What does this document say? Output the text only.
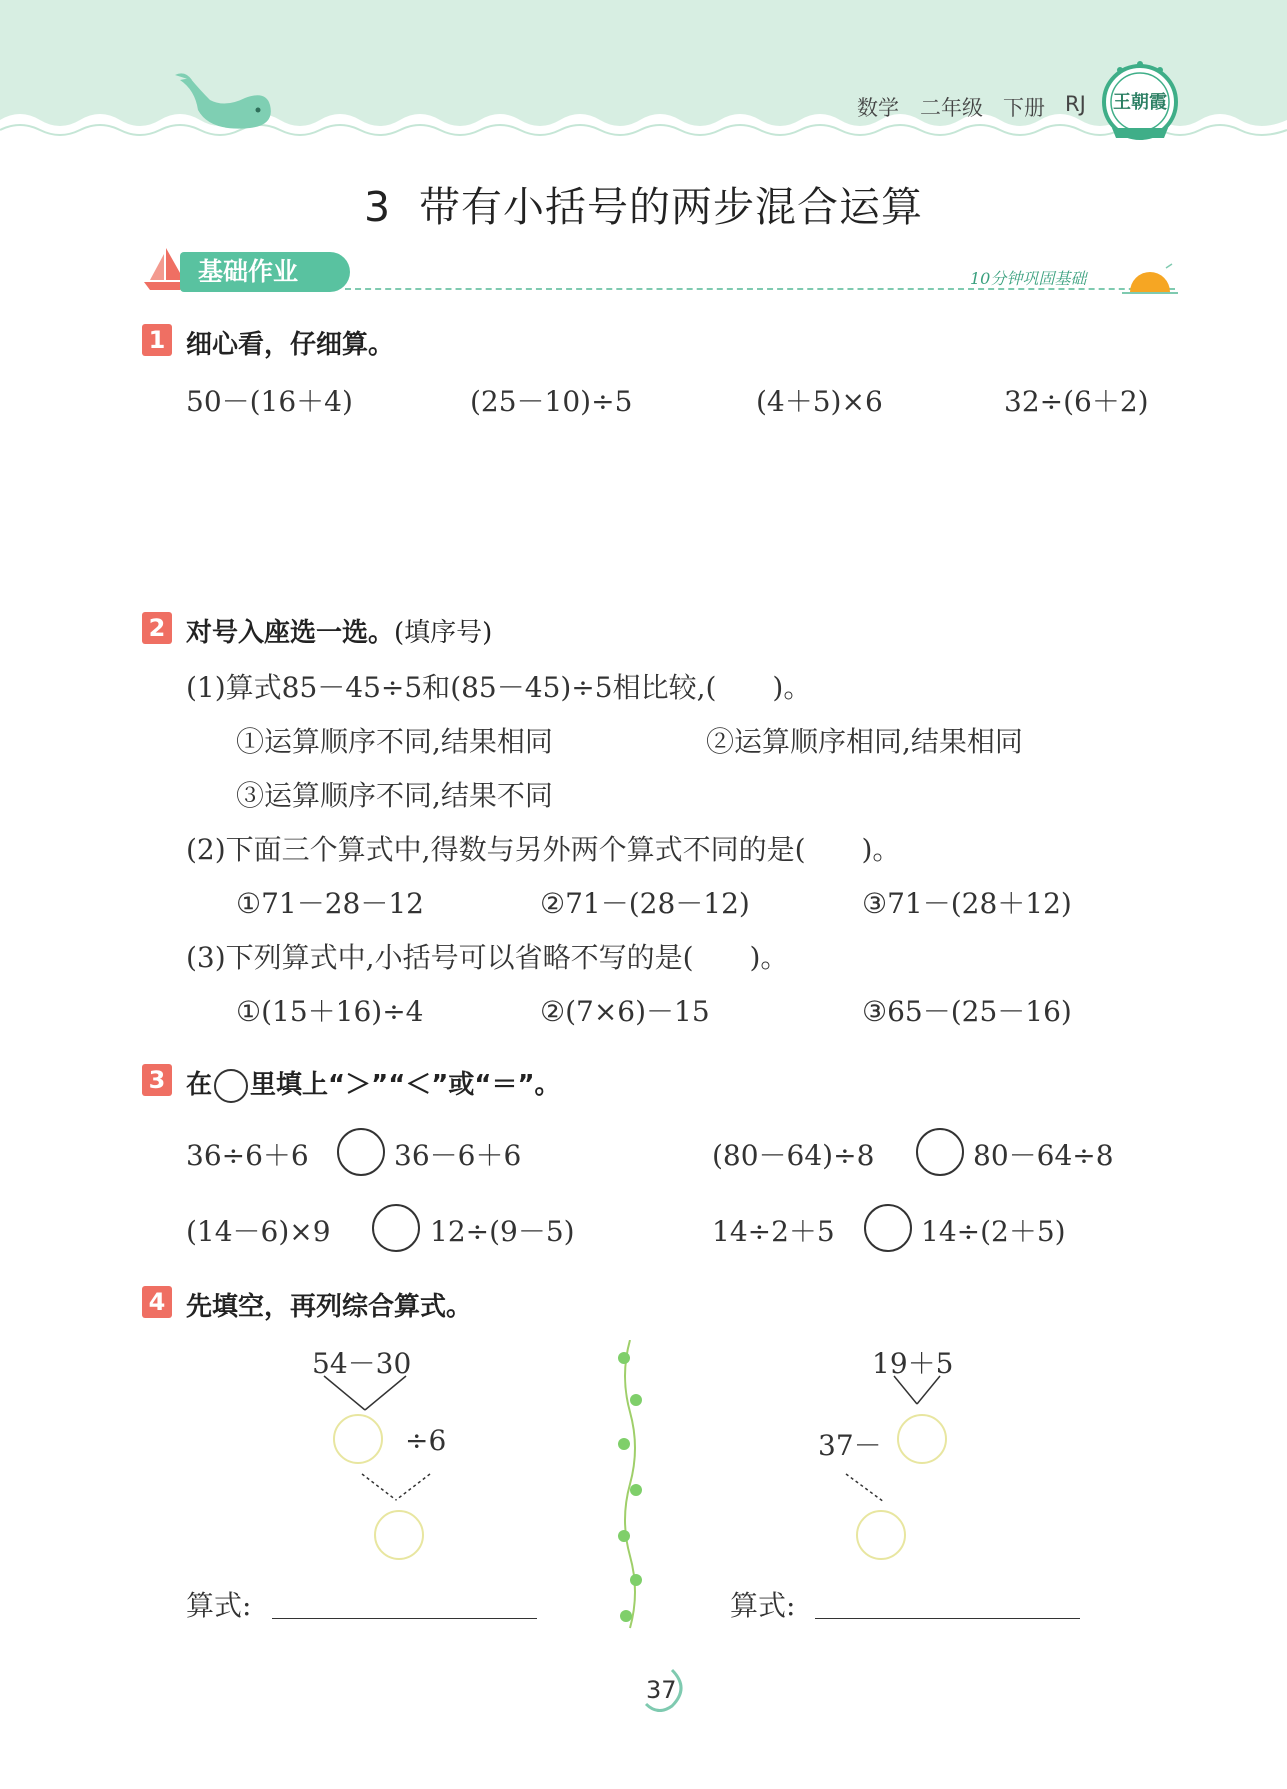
数学 二年级 下册 RJ 王朝霞
3 带有小括号的两步混合运算
基础作业	10分钟巩固基础
1 细心看，仔细算。
50－(16＋4)	(25－10)÷5	(4＋5)×6	32÷(6＋2)
2 对号入座选一选。(填序号)
(1)算式85－45÷5和(85－45)÷5相比较,(　　)。
①运算顺序不同,结果相同	②运算顺序相同,结果相同
③运算顺序不同,结果不同
(2)下面三个算式中,得数与另外两个算式不同的是(　　)。
①71－28－12	②71－(28－12)	③71－(28＋12)
(3)下列算式中,小括号可以省略不写的是(　　)。
①(15＋16)÷4	②(7×6)－15	③65－(25－16)
3 在 里填上“＞”“＜”或“＝”。
36÷6＋6	36－6＋6	(80－64)÷8	80－64÷8
(14－6)×9	12÷(9－5)	14÷2＋5	14÷(2＋5)
4 先填空，再列综合算式。
54－30
÷6
算式:
19＋5
37－
算式:
37
